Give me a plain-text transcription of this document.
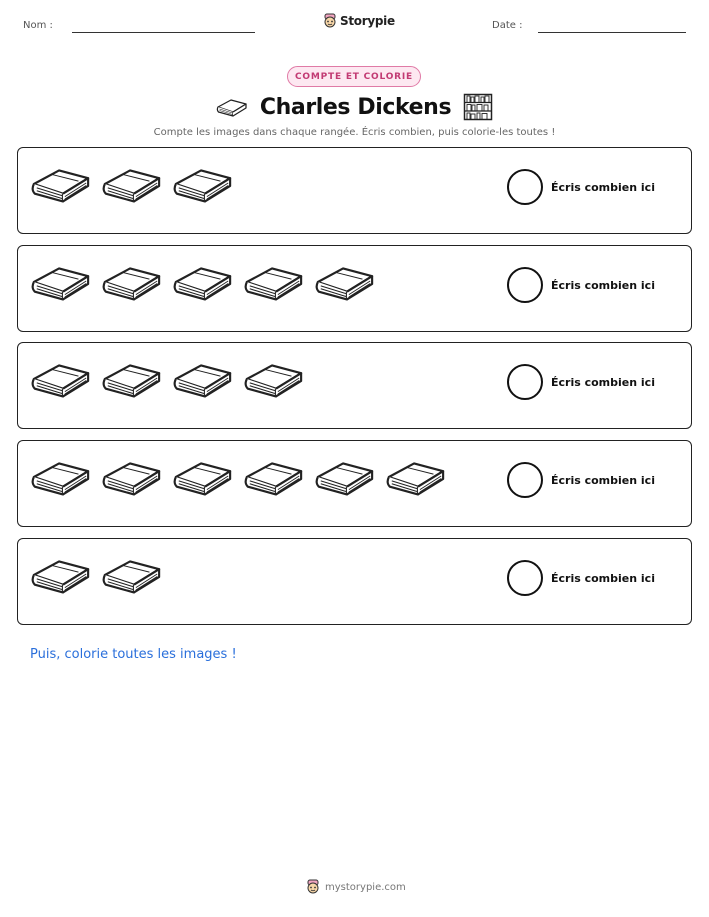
Nom :	Storypie	Date :
COMPTE ET COLORIE
Charles Dickens
Compte les images dans chaque rangée. Écris combien, puis colorie-les toutes !
Écris combien ici
Écris combien ici
Écris combien ici
Écris combien ici
Écris combien ici
Puis, colorie toutes les images !
mystorypie.com
